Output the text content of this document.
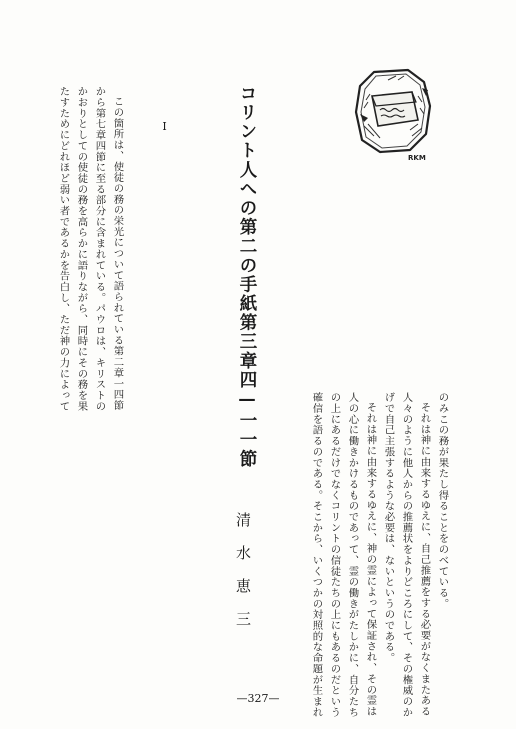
コリント人への第二の手紙第三章四—一一節
清水恵三
I
この箇所は、使徒の務の栄光について語られている第二章一四節
から第七章四節に至る部分に含まれている。パウロは、キリストの
かおりとしての使徒の務を高らかに語りながら、同時にその務を果
たすためにどれほど弱い者であるかを告白し、ただ神の力によって
のみこの務が果たし得ることをのべている。
それは神に由来するゆえに、自己推薦をする必要がなくまたある
人々のように他人からの推薦状をよりどころにして、その権威のか
げで自己主張するような必要は、ないというのである。
それは神に由来するゆえに、神の霊によって保証され、その霊は
人の心に働きかけるものであって、霊の働きがたしかに、自分たち
の上にあるだけでなくコリントの信徒たちの上にもあるのだという
確信を語るのである。そこから、いくつかの対照的な命題が生まれ
RKM
—327—
